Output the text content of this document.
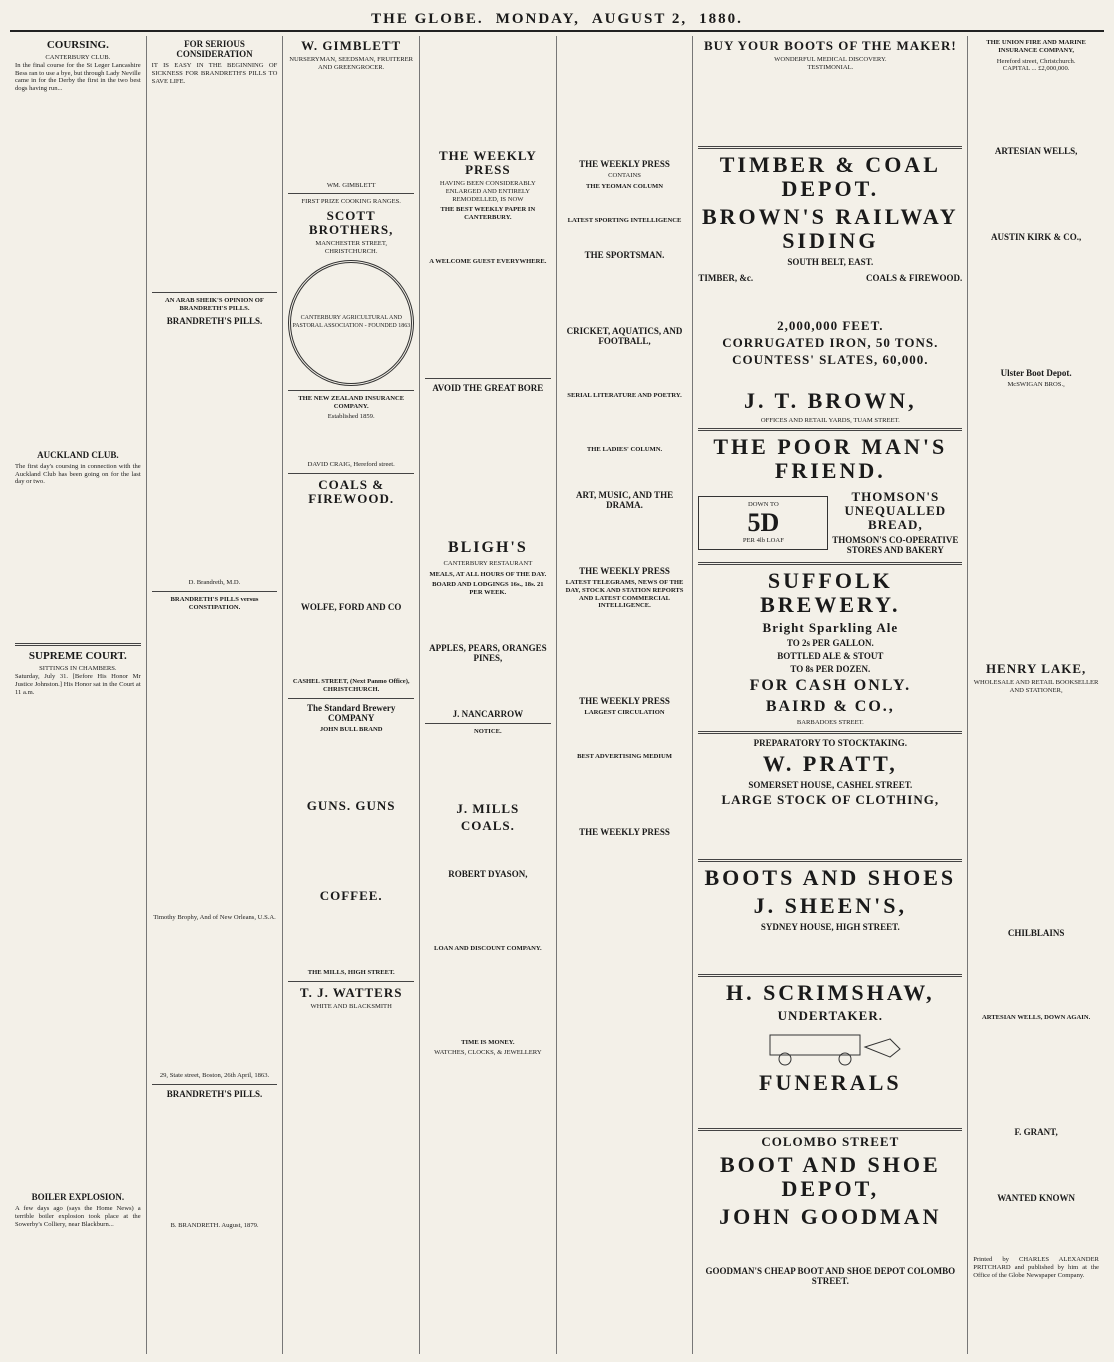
THE GLOBE. MONDAY, AUGUST 2, 1880.
COURSING.
CANTERBURY CLUB.

In the final course for the St Leger Lancashire Bess ran to use a bye, but through Lady Neville came in for the Derby the first in the two best dogs having run...

AUCKLAND CLUB.

The first day's coursing in connection with the Auckland Club has been going on for the last day or two.

SUPREME COURT.
SITTINGS IN CHAMBERS.

Saturday, July 31. [Before His Honor Mr Justice Johnston.] His Honor sat in the Court at 11 a.m.

BOILER EXPLOSION.

A few days ago (says the Home News) a terrible boiler explosion took place at the Sowerby's Colliery, near Blackburn...

FOR SERIOUS CONSIDERATION

IT IS EASY IN THE BEGINNING OF SICKNESS FOR BRANDRETH'S PILLS TO SAVE LIFE.

AN ARAB SHEIK'S OPINION OF BRANDRETH'S PILLS.
BRANDRETH'S PILLS.
D. Brandreth, M.D.
BRANDRETH'S PILLS versus CONSTIPATION.
Timothy Brophy, And of New Orleans, U.S.A.
29, State street, Boston, 26th April, 1863.
BRANDRETH'S PILLS.
B. BRANDRETH. August, 1879.
W. GIMBLETT
NURSERYMAN, SEEDSMAN, FRUITERER AND GREENGROCER.
WM. GIMBLETT
FIRST PRIZE COOKING RANGES.
SCOTT BROTHERS,
MANCHESTER STREET, CHRISTCHURCH.
CANTERBURY AGRICULTURAL AND PASTORAL ASSOCIATION - FOUNDED 1863
THE NEW ZEALAND INSURANCE COMPANY.
Established 1859.
DAVID CRAIG, Hereford street.
COALS & FIREWOOD.
WOLFE, FORD AND CO
CASHEL STREET, (Next Panmo Office), CHRISTCHURCH.
The Standard Brewery COMPANY
JOHN BULL BRAND
GUNS. GUNS
COFFEE.
THE MILLS, HIGH STREET.
T. J. WATTERS
WHITE AND BLACKSMITH
THE WEEKLY PRESS
HAVING BEEN CONSIDERABLY ENLARGED AND ENTIRELY REMODELLED, IS NOW
THE BEST WEEKLY PAPER IN CANTERBURY.
A WELCOME GUEST EVERYWHERE.
AVOID THE GREAT BORE
BLIGH'S
CANTERBURY RESTAURANT
MEALS, AT ALL HOURS OF THE DAY.
BOARD AND LODGINGS 16s., 18s. 21 PER WEEK.
APPLES, PEARS, ORANGES PINES,
J. NANCARROW
NOTICE.
J. MILLS
COALS.
ROBERT DYASON,
LOAN AND DISCOUNT COMPANY.
TIME IS MONEY.
WATCHES, CLOCKS, & JEWELLERY
THE WEEKLY PRESS
CONTAINS
THE YEOMAN COLUMN
LATEST SPORTING INTELLIGENCE
THE SPORTSMAN.
CRICKET, AQUATICS, AND FOOTBALL,
SERIAL LITERATURE AND POETRY.
THE LADIES' COLUMN.
ART, MUSIC, AND THE DRAMA.
THE WEEKLY PRESS
LATEST TELEGRAMS, NEWS OF THE DAY, STOCK AND STATION REPORTS AND LATEST COMMERCIAL INTELLIGENCE.
THE WEEKLY PRESS
LARGEST CIRCULATION
BEST ADVERTISING MEDIUM
THE WEEKLY PRESS
BUY YOUR BOOTS OF THE MAKER!
WONDERFUL MEDICAL DISCOVERY.
TESTIMONIAL.
TIMBER & COAL DEPOT.
BROWN'S RAILWAY SIDING
SOUTH BELT, EAST.
TIMBER, &c.	COALS & FIREWOOD.
2,000,000 FEET.
CORRUGATED IRON, 50 TONS.
COUNTESS' SLATES, 60,000.
J. T. BROWN,
OFFICES AND RETAIL YARDS, TUAM STREET.
THE POOR MAN'S FRIEND.
DOWN TO
5D
PER 4lb LOAF
THOMSON'S UNEQUALLED BREAD,
THOMSON'S CO-OPERATIVE STORES AND BAKERY
SUFFOLK BREWERY.
Bright Sparkling Ale
TO 2s PER GALLON.
BOTTLED ALE & STOUT
TO 8s PER DOZEN.
FOR CASH ONLY.
BAIRD & CO.,
BARBADOES STREET.
PREPARATORY TO STOCKTAKING.
W. PRATT,
SOMERSET HOUSE, CASHEL STREET.
LARGE STOCK OF CLOTHING,
BOOTS AND SHOES
J. SHEEN'S,
SYDNEY HOUSE, HIGH STREET.
H. SCRIMSHAW,
UNDERTAKER.
FUNERALS
COLOMBO STREET
BOOT AND SHOE DEPOT,
JOHN GOODMAN
GOODMAN'S CHEAP BOOT AND SHOE DEPOT COLOMBO STREET.
THE UNION FIRE AND MARINE INSURANCE COMPANY,
Hereford street, Christchurch.
CAPITAL ... £2,000,000.
ARTESIAN WELLS,
AUSTIN KIRK & CO.,
Ulster Boot Depot.
McSWIGAN BROS.,
HENRY LAKE,
WHOLESALE AND RETAIL BOOKSELLER AND STATIONER,
CHILBLAINS
ARTESIAN WELLS, DOWN AGAIN.
F. GRANT,
WANTED KNOWN

Printed by CHARLES ALEXANDER PRITCHARD and published by him at the Office of the Globe Newspaper Company.
